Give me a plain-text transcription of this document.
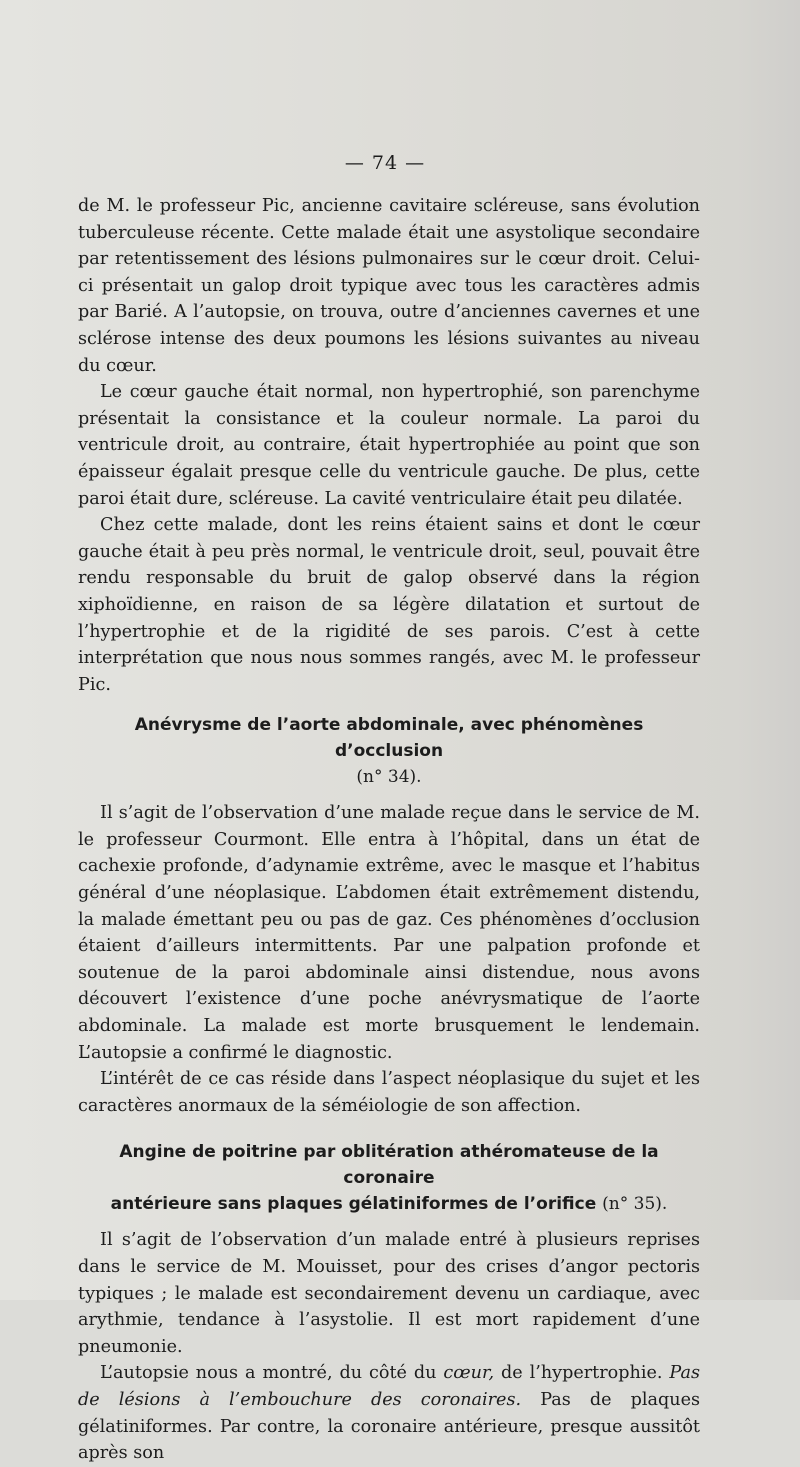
— 74 —

de M. le professeur Pic, ancienne cavitaire scléreuse, sans évolution tuberculeuse récente. Cette malade était une asystolique secondaire par retentissement des lésions pulmonaires sur le cœur droit. Celui-ci présentait un galop droit typique avec tous les caractères admis par Barié. A l’autopsie, on trouva, outre d’anciennes cavernes et une sclérose intense des deux poumons les lésions suivantes au niveau du cœur.

Le cœur gauche était normal, non hypertrophié, son parenchyme présentait la consistance et la couleur normale. La paroi du ventricule droit, au contraire, était hypertrophiée au point que son épaisseur égalait presque celle du ventricule gauche. De plus, cette paroi était dure, scléreuse. La cavité ventriculaire était peu dilatée.

Chez cette malade, dont les reins étaient sains et dont le cœur gauche était à peu près normal, le ventricule droit, seul, pouvait être rendu responsable du bruit de galop observé dans la région xiphoïdienne, en raison de sa légère dilatation et surtout de l’hypertrophie et de la rigidité de ses parois. C’est à cette interprétation que nous nous sommes rangés, avec M. le professeur Pic.

Anévrysme de l’aorte abdominale, avec phénomènes d’occlusion
(n° 34).

Il s’agit de l’observation d’une malade reçue dans le service de M. le professeur Courmont. Elle entra à l’hôpital, dans un état de cachexie profonde, d’adynamie extrême, avec le masque et l’habitus général d’une néoplasique. L’abdomen était extrêmement distendu, la malade émettant peu ou pas de gaz. Ces phénomènes d’occlusion étaient d’ailleurs intermittents. Par une palpation profonde et soutenue de la paroi abdominale ainsi distendue, nous avons découvert l’existence d’une poche anévrysmatique de l’aorte abdominale. La malade est morte brusquement le lendemain. L’autopsie a confirmé le diagnostic.

L’intérêt de ce cas réside dans l’aspect néoplasique du sujet et les caractères anormaux de la séméiologie de son affection.

Angine de poitrine par oblitération athéromateuse de la coronaire
antérieure sans plaques gélatiniformes de l’orifice (n° 35).

Il s’agit de l’observation d’un malade entré à plusieurs reprises dans le service de M. Mouisset, pour des crises d’angor pectoris typiques ; le malade est secondairement devenu un cardiaque, avec arythmie, tendance à l’asystolie. Il est mort rapidement d’une pneumonie.

L’autopsie nous a montré, du côté du cœur, de l’hypertrophie. Pas de lésions à l’embouchure des coronaires. Pas de plaques gélatiniformes. Par contre, la coronaire antérieure, presque aussitôt après son
